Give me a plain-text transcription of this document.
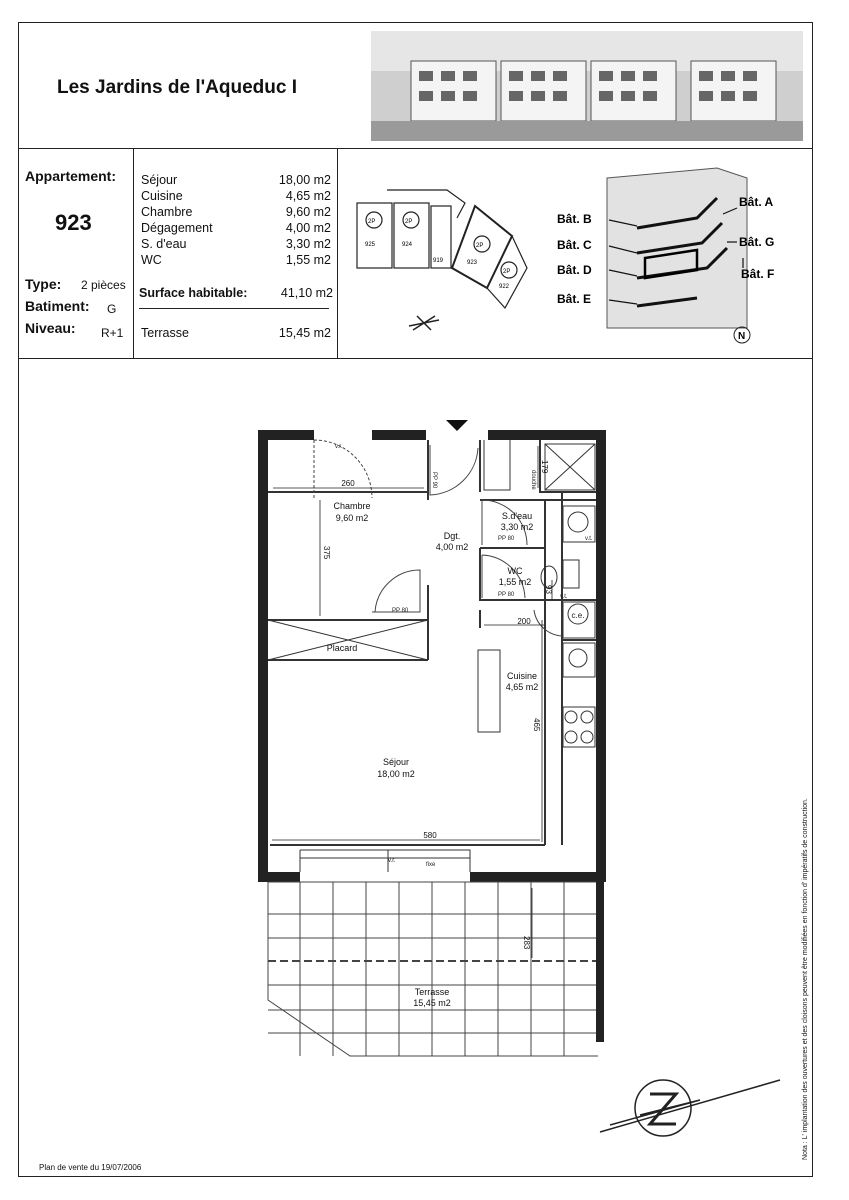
Les Jardins de l'Aqueduc I
Appartement:
923
Type: 2 pièces
Batiment: G
Niveau: R+1
Séjour	18,00 m2
Cuisine	4,65 m2
Chambre	9,60 m2
Dégagement	4,00 m2
S. d'eau	3,30 m2
WC	1,55 m2
Surface habitable:	41,10 m2
Terrasse	15,45 m2
2P	2P
2P
2P
925	924
919	923
922
Bât. A
Bât. B
Bât. C
Bât. D
Bât. E
Bât. G
Bât. F
N
Plan de vente du 19/07/2006
Chambre
9,60 m2
Dgt.
4,00 m2
S.d'eau
3,30 m2
WC
1,55 m2
Placard
Cuisine
4,65 m2
Séjour
18,00 m2
Terrasse
15,45 m2
c.e.
PP 80
PP 80
PP 80
v.r.
v.r.
fixe
v.t.
v.t.
PP 90	douche
260
375
179
200
93
465
580
283	Nota : L' implantation des ouvertures et des cloisons peuvent être modifiées en fonction d' impératifs de construction.
